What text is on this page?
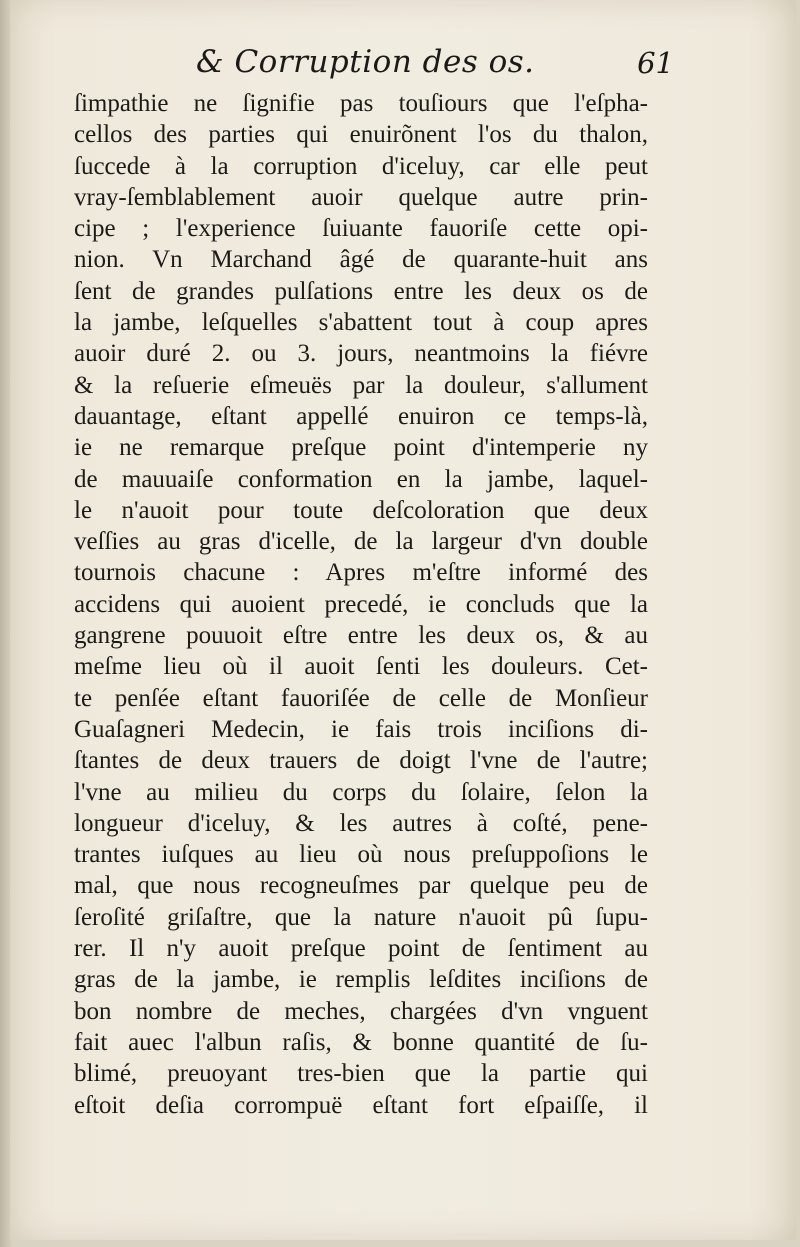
& Corruption des os.	61
ſimpathie ne ſignifie pas touſiours que l'eſpha-
cellos des parties qui enuirõnent l'os du thalon,
ſuccede à la corruption d'iceluy, car elle peut
vray-ſemblablement auoir quelque autre prin-
cipe ; l'experience ſuiuante fauoriſe cette opi-
nion. Vn Marchand âgé de quarante-huit ans
ſent de grandes pulſations entre les deux os de
la jambe, leſquelles s'abattent tout à coup apres
auoir duré 2. ou 3. jours, neantmoins la fiévre
& la reſuerie eſmeuës par la douleur, s'allument
dauantage, eſtant appellé enuiron ce temps-là,
ie ne remarque preſque point d'intemperie ny
de mauuaiſe conformation en la jambe, laquel-
le n'auoit pour toute deſcoloration que deux
veſſies au gras d'icelle, de la largeur d'vn double
tournois chacune : Apres m'eſtre informé des
accidens qui auoient precedé, ie concluds que la
gangrene pouuoit eſtre entre les deux os, & au
meſme lieu où il auoit ſenti les douleurs. Cet-
te penſée eſtant fauoriſée de celle de Monſieur
Guaſagneri Medecin, ie fais trois inciſions di-
ſtantes de deux trauers de doigt l'vne de l'autre;
l'vne au milieu du corps du ſolaire, ſelon la
longueur d'iceluy, & les autres à coſté, pene-
trantes iuſques au lieu où nous preſuppoſions le
mal, que nous recogneuſmes par quelque peu de
ſeroſité griſaſtre, que la nature n'auoit pû ſupu-
rer. Il n'y auoit preſque point de ſentiment au
gras de la jambe, ie remplis leſdites inciſions de
bon nombre de meches, chargées d'vn vnguent
fait auec l'albun raſis, & bonne quantité de ſu-
blimé, preuoyant tres-bien que la partie qui
eſtoit deſia corrompuë eſtant fort eſpaiſſe, il
